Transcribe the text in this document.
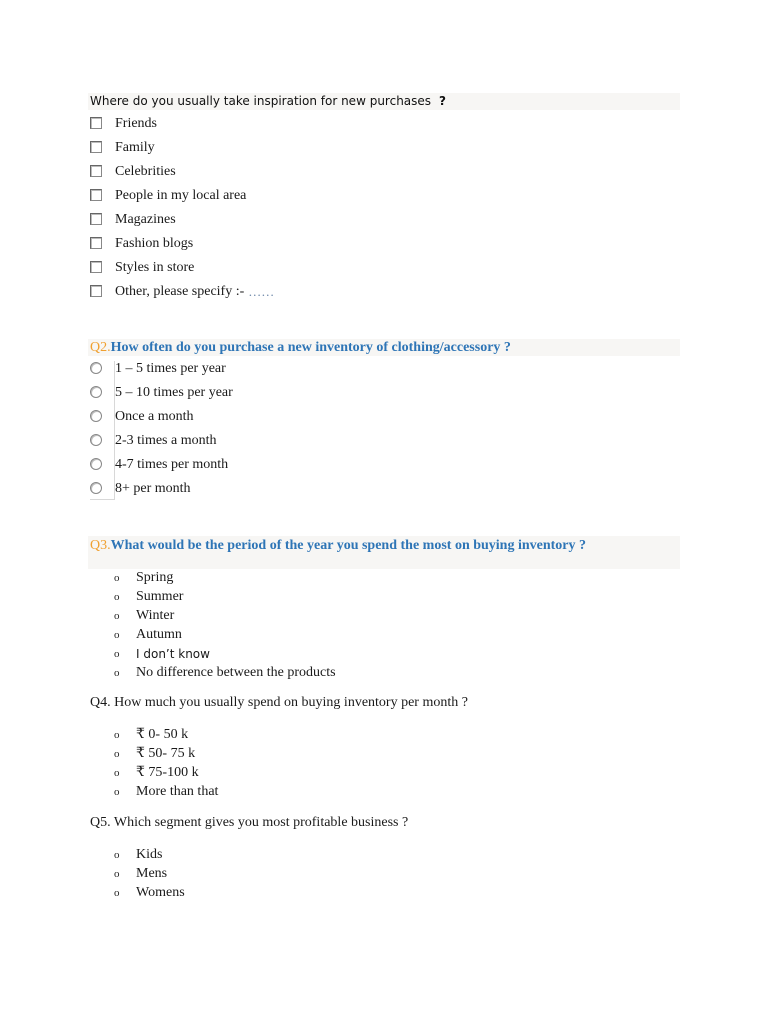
Where do you usually take inspiration for new purchases ?
Friends
Family
Celebrities
People in my local area
Magazines
Fashion blogs
Styles in store
Other, please specify :- ……
Q2.How often do you purchase a new inventory of clothing/accessory ?
1 – 5 times per year
5 – 10 times per year
Once a month
2-3 times a month
4-7 times per month
8+ per month
Q3.What would be the period of the year you spend the most on buying inventory ?
o	Spring
o	Summer
o	Winter
o	Autumn
o	I don’t know
o	No difference between the products
Q4. How much you usually spend on buying inventory per month ?
o	₹ 0- 50 k
o	₹ 50- 75 k
o	₹ 75-100 k
o	More than that
Q5. Which segment gives you most profitable business ?
o	Kids
o	Mens
o	Womens
